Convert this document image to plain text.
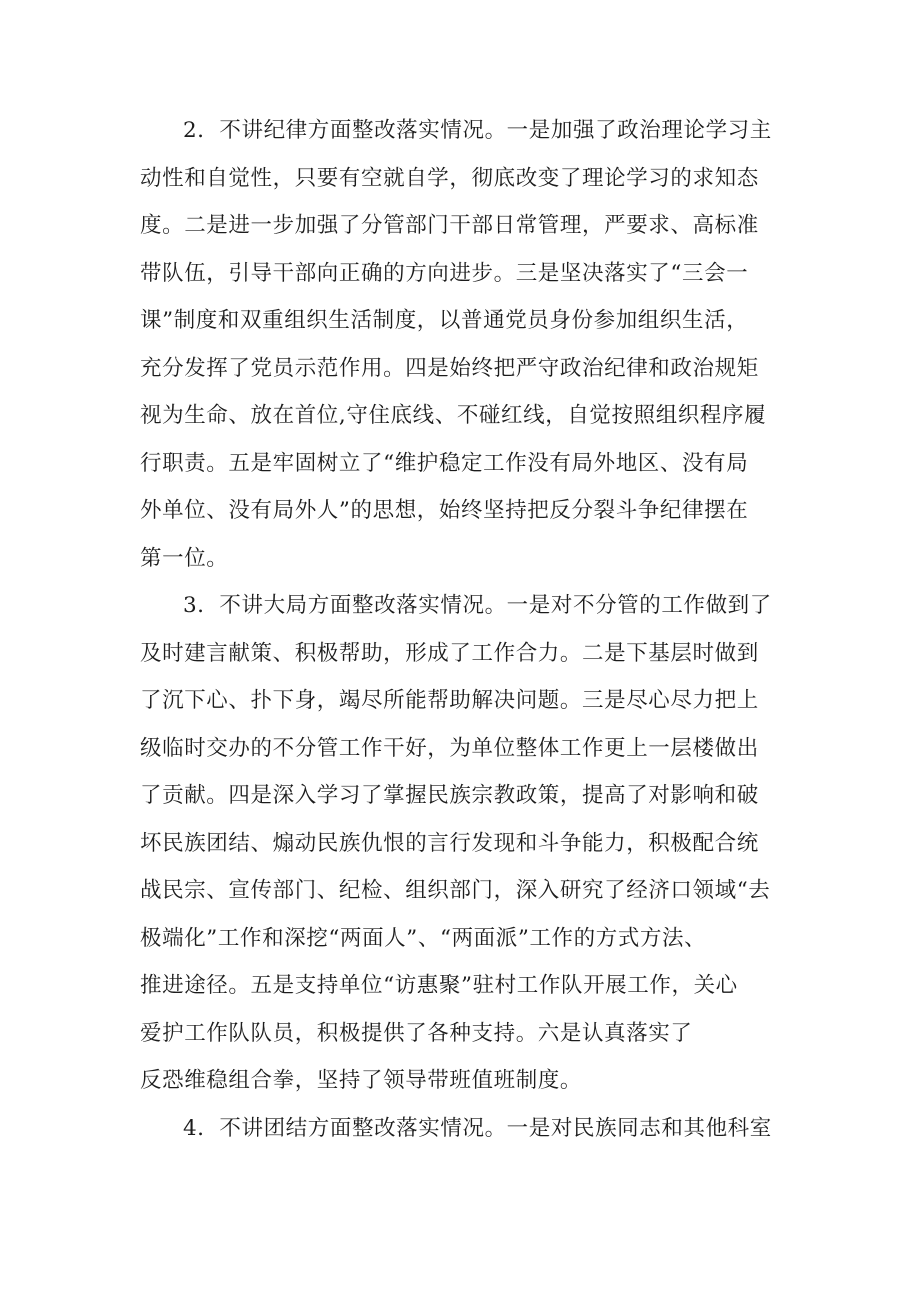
2．不讲纪律方面整改落实情况。一是加强了政治理论学习主
动性和自觉性，只要有空就自学，彻底改变了理论学习的求知态
度。二是进一步加强了分管部门干部日常管理，严要求、高标准
带队伍，引导干部向正确的方向进步。三是坚决落实了“三会一
课”制度和双重组织生活制度，以普通党员身份参加组织生活，
充分发挥了党员示范作用。四是始终把严守政治纪律和政治规矩
视为生命、放在首位,守住底线、不碰红线，自觉按照组织程序履
行职责。五是牢固树立了“维护稳定工作没有局外地区、没有局
外单位、没有局外人”的思想，始终坚持把反分裂斗争纪律摆在
第一位。
3．不讲大局方面整改落实情况。一是对不分管的工作做到了
及时建言献策、积极帮助，形成了工作合力。二是下基层时做到
了沉下心、扑下身，竭尽所能帮助解决问题。三是尽心尽力把上
级临时交办的不分管工作干好，为单位整体工作更上一层楼做出
了贡献。四是深入学习了掌握民族宗教政策，提高了对影响和破
坏民族团结、煽动民族仇恨的言行发现和斗争能力，积极配合统
战民宗、宣传部门、纪检、组织部门，深入研究了经济口领域“去
极端化”工作和深挖“两面人”、“两面派”工作的方式方法、
推进途径。五是支持单位“访惠聚”驻村工作队开展工作，关心
爱护工作队队员，积极提供了各种支持。六是认真落实了
反恐维稳组合拳，坚持了领导带班值班制度。
4．不讲团结方面整改落实情况。一是对民族同志和其他科室
